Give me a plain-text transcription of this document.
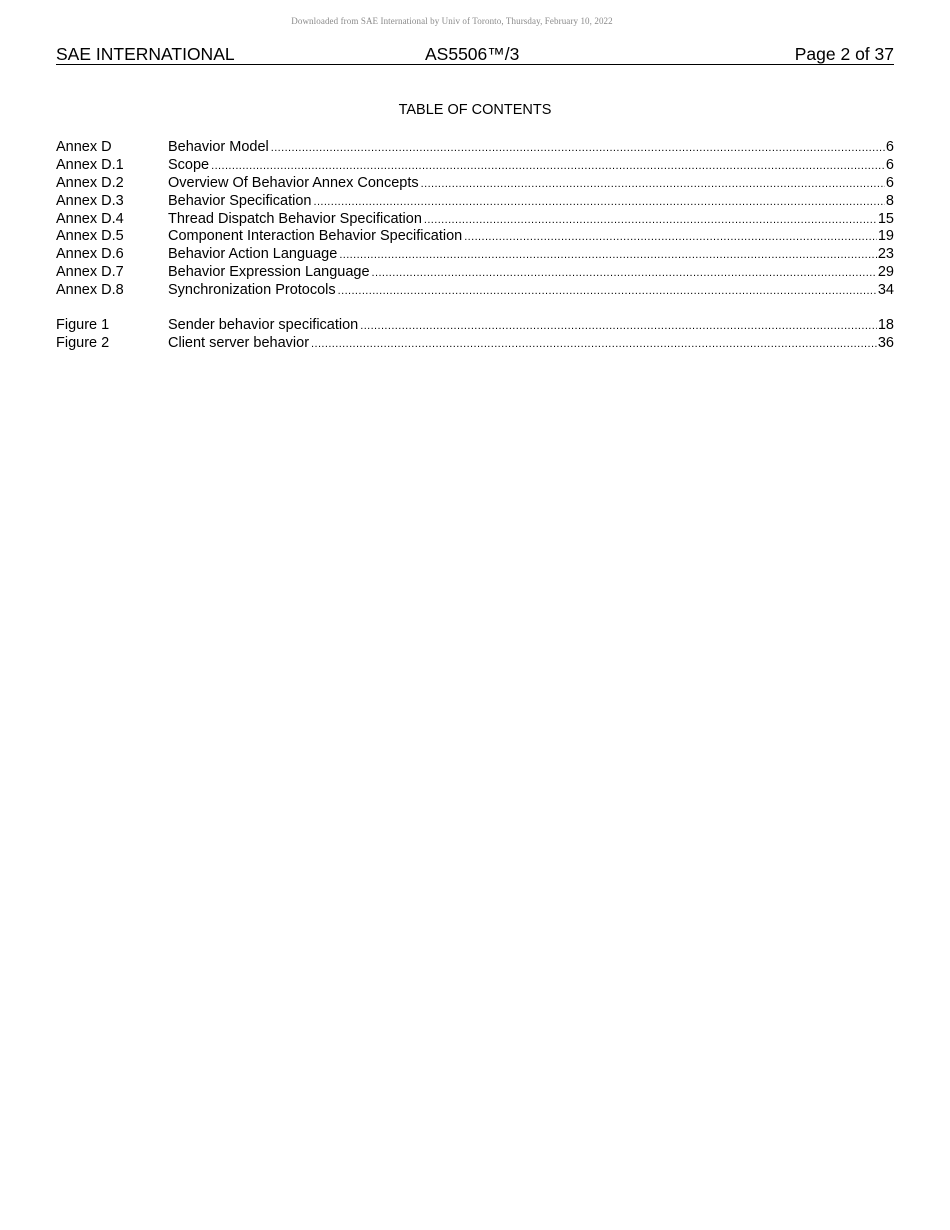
Downloaded from SAE International by Univ of Toronto, Thursday, February 10, 2022
SAE INTERNATIONAL	AS5506™/3	Page 2 of 37
TABLE OF CONTENTS
Annex D	Behavior Model .....	6
Annex D.1	Scope .....	6
Annex D.2	Overview Of Behavior Annex Concepts .....	6
Annex D.3	Behavior Specification .....	8
Annex D.4	Thread Dispatch Behavior Specification .....	15
Annex D.5	Component Interaction Behavior Specification .....	19
Annex D.6	Behavior Action Language .....	23
Annex D.7	Behavior Expression Language .....	29
Annex D.8	Synchronization Protocols .....	34
Figure 1	Sender behavior specification .....	18
Figure 2	Client server behavior .....	36
